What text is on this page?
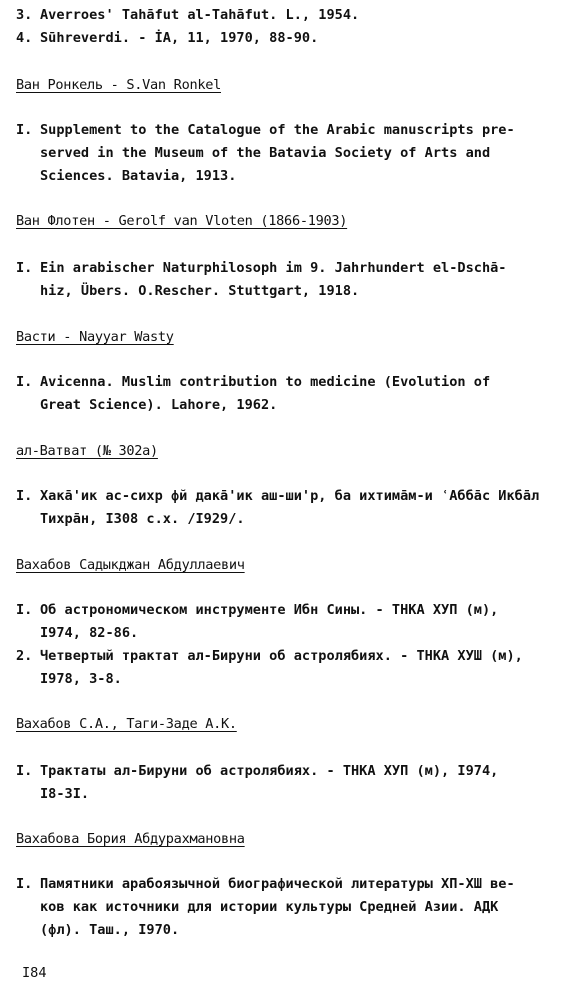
3. Averroes' Tahāfut al-Tahāfut. L., 1954.

4. Sūhreverdi. - İA, 11, 1970, 88-90.

Ван Ронкель - S.Van Ronkel

I. Supplement to the Catalogue of the Arabic manuscripts pre-
served in the Museum of the Batavia Society of Arts and
Sciences. Batavia, 1913.

Ван Флотен - Gerolf van Vloten (1866-1903)

I. Ein arabischer Naturphilosoph im 9. Jahrhundert el-Dschā-
hiz, Übers. O.Rescher. Stuttgart, 1918.

Васти - Nayyar Wasty

I. Avicenna. Muslim contribution to medicine (Evolution of
Great Science). Lahore, 1962.

ал-Ватват (№ 302а)

I. Хакā'ик ас-сихр фй дакā'ик аш-ши'р, ба ихтимāм-и ʿАббāс Икбāл
Тихрāн, I308 с.х. /I929/.

Вахабов Садыкджан Абдуллаевич

I. Об астрономическом инструменте Ибн Сины. - ТНКА ХУП (м),
I974, 82-86.

2. Четвертый трактат ал-Бируни об астролябиях. - ТНКА ХУШ (м),
I978, 3-8.

Вахабов С.А., Таги-Заде А.К.

I. Трактаты ал-Бируни об астролябиях. - ТНКА ХУП (м), I974,
I8-3I.

Вахабова Бория Абдурахмановна

I. Памятники арабоязычной биографической литературы ХП-ХШ ве-
ков как источники для истории культуры Средней Азии. АДК
(фл). Таш., I970.

I84
